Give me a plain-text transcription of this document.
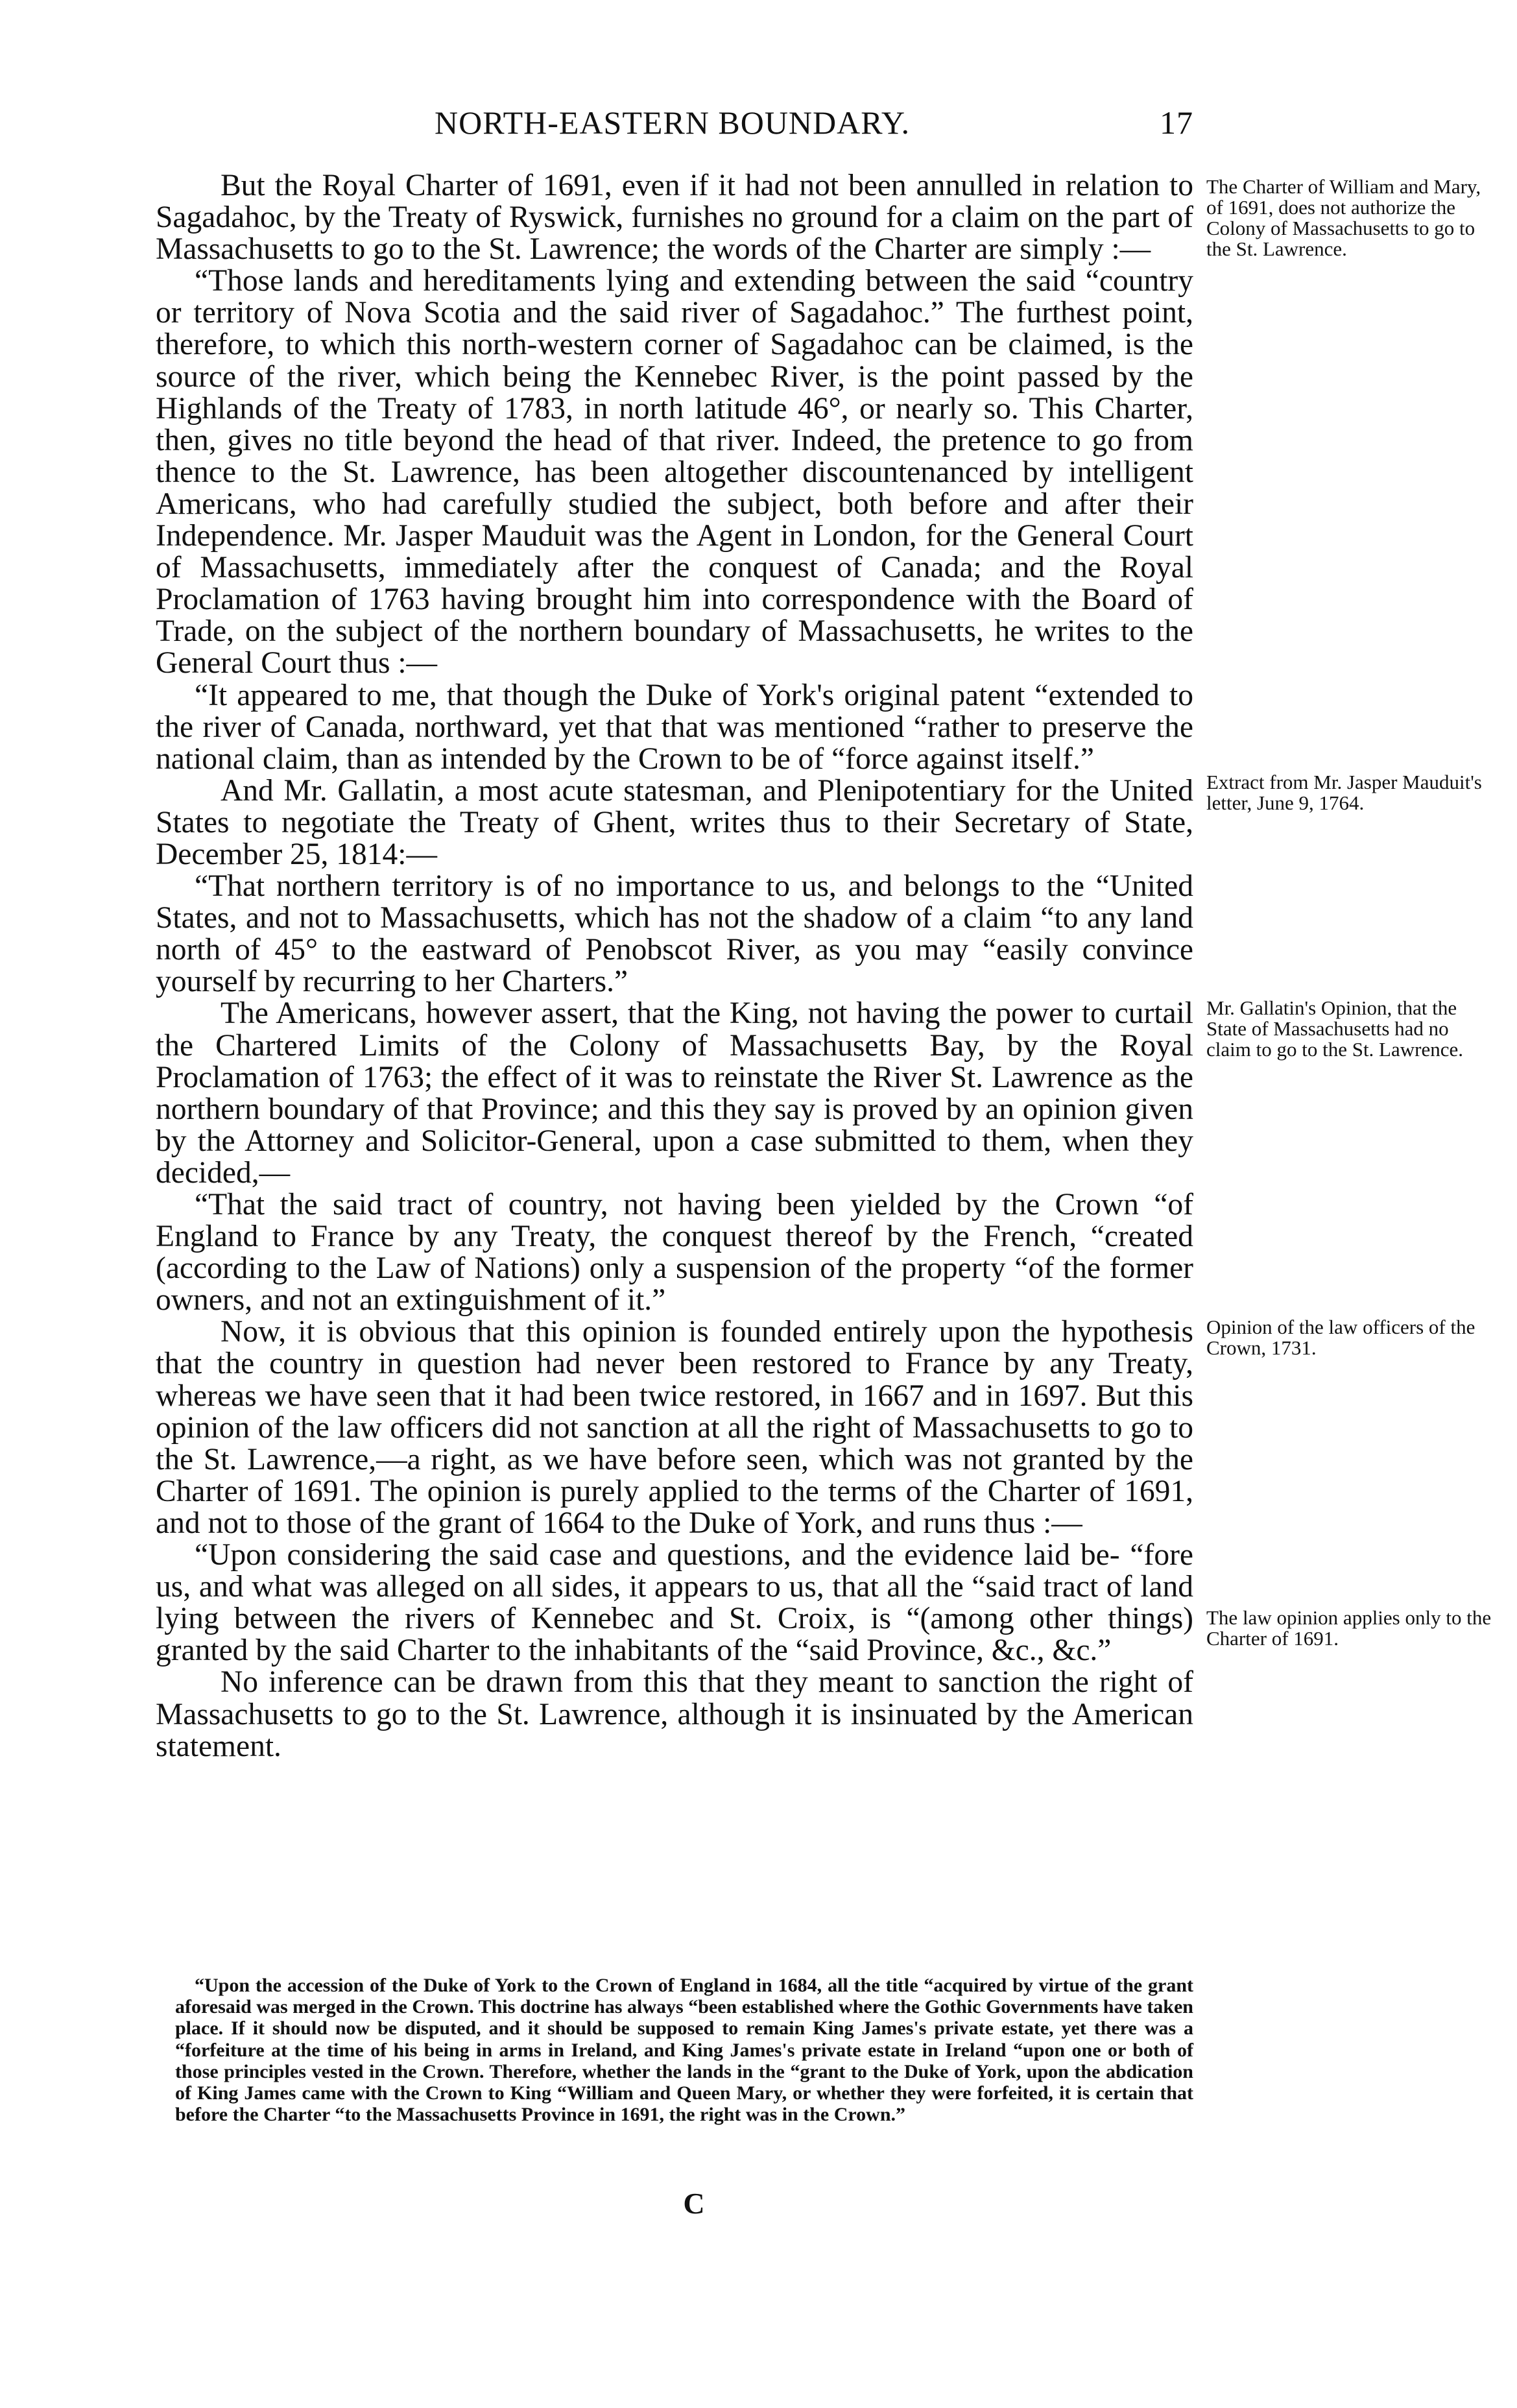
NORTH-EASTERN BOUNDARY.	17

But the Royal Charter of 1691, even if it had not been annulled in relation to Sagadahoc, by the Treaty of Ryswick, furnishes no ground for a claim on the part of Massachusetts to go to the St. Lawrence; the words of the Charter are simply :—

“Those lands and hereditaments lying and extending between the said “country or territory of Nova Scotia and the said river of Sagadahoc.” The furthest point, therefore, to which this north-western corner of Sagadahoc can be claimed, is the source of the river, which being the Kennebec River, is the point passed by the Highlands of the Treaty of 1783, in north latitude 46°, or nearly so. This Charter, then, gives no title beyond the head of that river. Indeed, the pretence to go from thence to the St. Lawrence, has been altogether discountenanced by intelligent Americans, who had carefully studied the subject, both before and after their Independence. Mr. Jasper Mauduit was the Agent in London, for the General Court of Massachusetts, immediately after the conquest of Canada; and the Royal Proclamation of 1763 having brought him into correspondence with the Board of Trade, on the subject of the northern boundary of Massachusetts, he writes to the General Court thus :—

“It appeared to me, that though the Duke of York's original patent “extended to the river of Canada, northward, yet that that was mentioned “rather to preserve the national claim, than as intended by the Crown to be of “force against itself.”

And Mr. Gallatin, a most acute statesman, and Plenipotentiary for the United States to negotiate the Treaty of Ghent, writes thus to their Secretary of State, December 25, 1814:—

“That northern territory is of no importance to us, and belongs to the “United States, and not to Massachusetts, which has not the shadow of a claim “to any land north of 45° to the eastward of Penobscot River, as you may “easily convince yourself by recurring to her Charters.”

The Americans, however assert, that the King, not having the power to curtail the Chartered Limits of the Colony of Massachusetts Bay, by the Royal Proclamation of 1763; the effect of it was to reinstate the River St. Lawrence as the northern boundary of that Province; and this they say is proved by an opinion given by the Attorney and Solicitor-General, upon a case submitted to them, when they decided,—

“That the said tract of country, not having been yielded by the Crown “of England to France by any Treaty, the conquest thereof by the French, “created (according to the Law of Nations) only a suspension of the property “of the former owners, and not an extinguishment of it.”

Now, it is obvious that this opinion is founded entirely upon the hypothesis that the country in question had never been restored to France by any Treaty, whereas we have seen that it had been twice restored, in 1667 and in 1697. But this opinion of the law officers did not sanction at all the right of Massachusetts to go to the St. Lawrence,—a right, as we have before seen, which was not granted by the Charter of 1691. The opinion is purely applied to the terms of the Charter of 1691, and not to those of the grant of 1664 to the Duke of York, and runs thus :—

“Upon considering the said case and questions, and the evidence laid be- “fore us, and what was alleged on all sides, it appears to us, that all the “said tract of land lying between the rivers of Kennebec and St. Croix, is “(among other things) granted by the said Charter to the inhabitants of the “said Province, &c., &c.”

No inference can be drawn from this that they meant to sanction the right of Massachusetts to go to the St. Lawrence, although it is insinuated by the American statement.

The Charter of William and Mary, of 1691, does not authorize the Colony of Massachusetts to go to the St. Lawrence.
Extract from Mr. Jasper Mauduit's letter, June 9, 1764.
Mr. Gallatin's Opinion, that the State of Massachusetts had no claim to go to the St. Lawrence.
Opinion of the law officers of the Crown, 1731.
The law opinion applies only to the Charter of 1691.
“Upon the accession of the Duke of York to the Crown of England in 1684, all the title “acquired by virtue of the grant aforesaid was merged in the Crown. This doctrine has always “been established where the Gothic Governments have taken place. If it should now be disputed, and it should be supposed to remain King James's private estate, yet there was a “forfeiture at the time of his being in arms in Ireland, and King James's private estate in Ireland “upon one or both of those principles vested in the Crown. Therefore, whether the lands in the “grant to the Duke of York, upon the abdication of King James came with the Crown to King “William and Queen Mary, or whether they were forfeited, it is certain that before the Charter “to the Massachusetts Province in 1691, the right was in the Crown.”
C
